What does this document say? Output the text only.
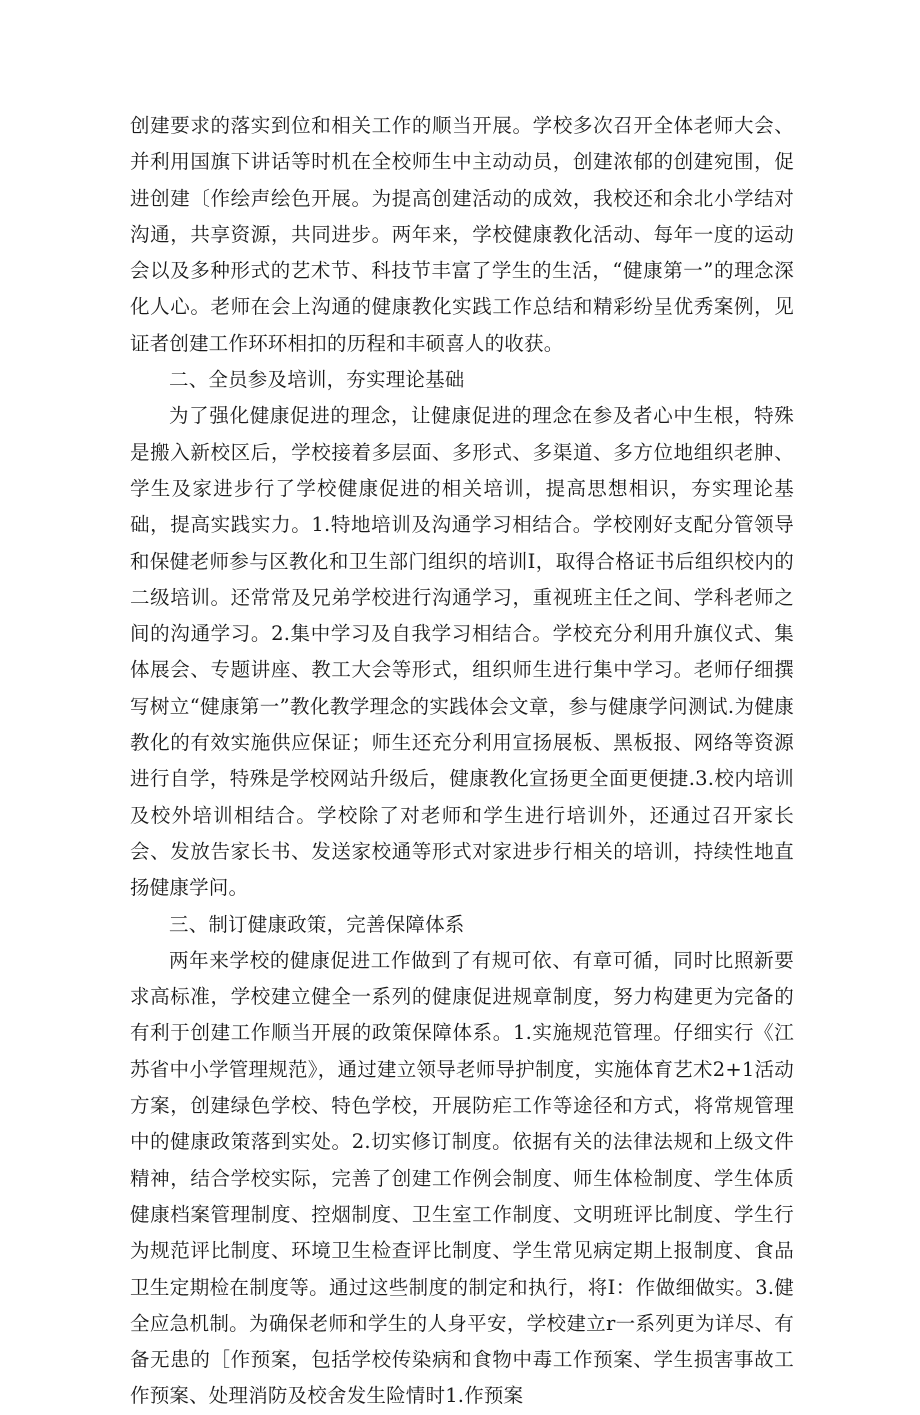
创建要求的落实到位和相关工作的顺当开展。学校多次召开全体老师大会、并利用国旗下讲话等时机在全校师生中主动动员，创建浓郁的创建宛围，促进创建〔作绘声绘色开展。为提高创建活动的成效，我校还和余北小学结对沟通，共享资源，共同进步。两年来，学校健康教化活动、每年一度的运动会以及多种形式的艺术节、科技节丰富了学生的生活，“健康第一”的理念深化人心。老师在会上沟通的健康教化实践工作总结和精彩纷呈优秀案例，见证者创建工作环环相扣的历程和丰硕喜人的收获。

二、全员参及培训，夯实理论基础

为了强化健康促进的理念，让健康促进的理念在参及者心中生根，特殊是搬入新校区后，学校接着多层面、多形式、多渠道、多方位地组织老胂、学生及家进步行了学校健康促进的相关培训，提高思想相识，夯实理论基础，提高实践实力。1.特地培训及沟通学习相结合。学校刚好支配分管领导和保健老师参与区教化和卫生部门组织的培训I，取得合格证书后组织校内的二级培训。还常常及兄弟学校进行沟通学习，重视班主任之间、学科老师之间的沟通学习。2.集中学习及自我学习相结合。学校充分利用升旗仪式、集体展会、专题讲座、教工大会等形式，组织师生进行集中学习。老师仔细撰写树立“健康第一”教化教学理念的实践体会文章，参与健康学问测试.为健康教化的有效实施供应保证；师生还充分利用宣扬展板、黑板报、网络等资源进行自学，特殊是学校网站升级后，健康教化宣扬更全面更便捷.3.校内培训及校外培训相结合。学校除了对老师和学生进行培训外，还通过召开家长会、发放告家长书、发送家校通等形式对家进步行相关的培训，持续性地直扬健康学问。

三、制订健康政策，完善保障体系

两年来学校的健康促进工作做到了有规可依、有章可循，同时比照新要求高标准，学校建立健全一系列的健康促进规章制度，努力构建更为完备的有利于创建工作顺当开展的政策保障体系。1.实施规范管理。仔细实行《江苏省中小学管理规范》，通过建立领导老师导护制度，实施体育艺术2+1活动方案，创建绿色学校、特色学校，开展防疟工作等途径和方式，将常规管理中的健康政策落到实处。2.切实修订制度。依据有关的法律法规和上级文件精神，结合学校实际，完善了创建工作例会制度、师生体检制度、学生体质健康档案管理制度、控烟制度、卫生室工作制度、文明班评比制度、学生行为规范评比制度、环境卫生检查评比制度、学生常见病定期上报制度、食品卫生定期检在制度等。通过这些制度的制定和执行，将I：作做细做实。3.健全应急机制。为确保老师和学生的人身平安，学校建立r一系列更为详尽、有备无患的［作预案，包括学校传染病和食物中毒工作预案、学生损害事故工作预案、处理消防及校舍发生险情时1.作预案
